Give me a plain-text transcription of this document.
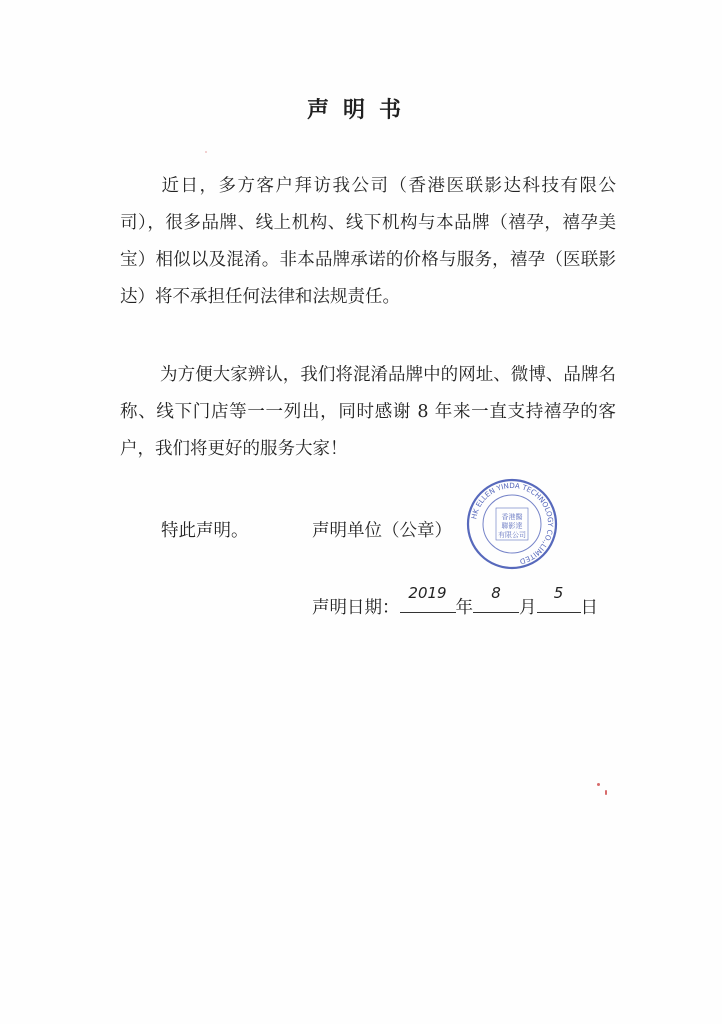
声明书

近日，多方客户拜访我公司（香港医联影达科技有限公司），很多品牌、线上机构、线下机构与本品牌（禧孕，禧孕美宝）相似以及混淆。非本品牌承诺的价格与服务，禧孕（医联影达）将不承担任何法律和法规责任。

为方便大家辨认，我们将混淆品牌中的网址、微博、品牌名称、线下门店等一一列出，同时感谢 8 年来一直支持禧孕的客户，我们将更好的服务大家！

特此声明。	声明单位（公章）
HK ELLEN YINDA TECHNOLOGY CO.,LIMITED
香港醫
聯影達
有限公司
声明日期：
2019
年
8
月
5
日
